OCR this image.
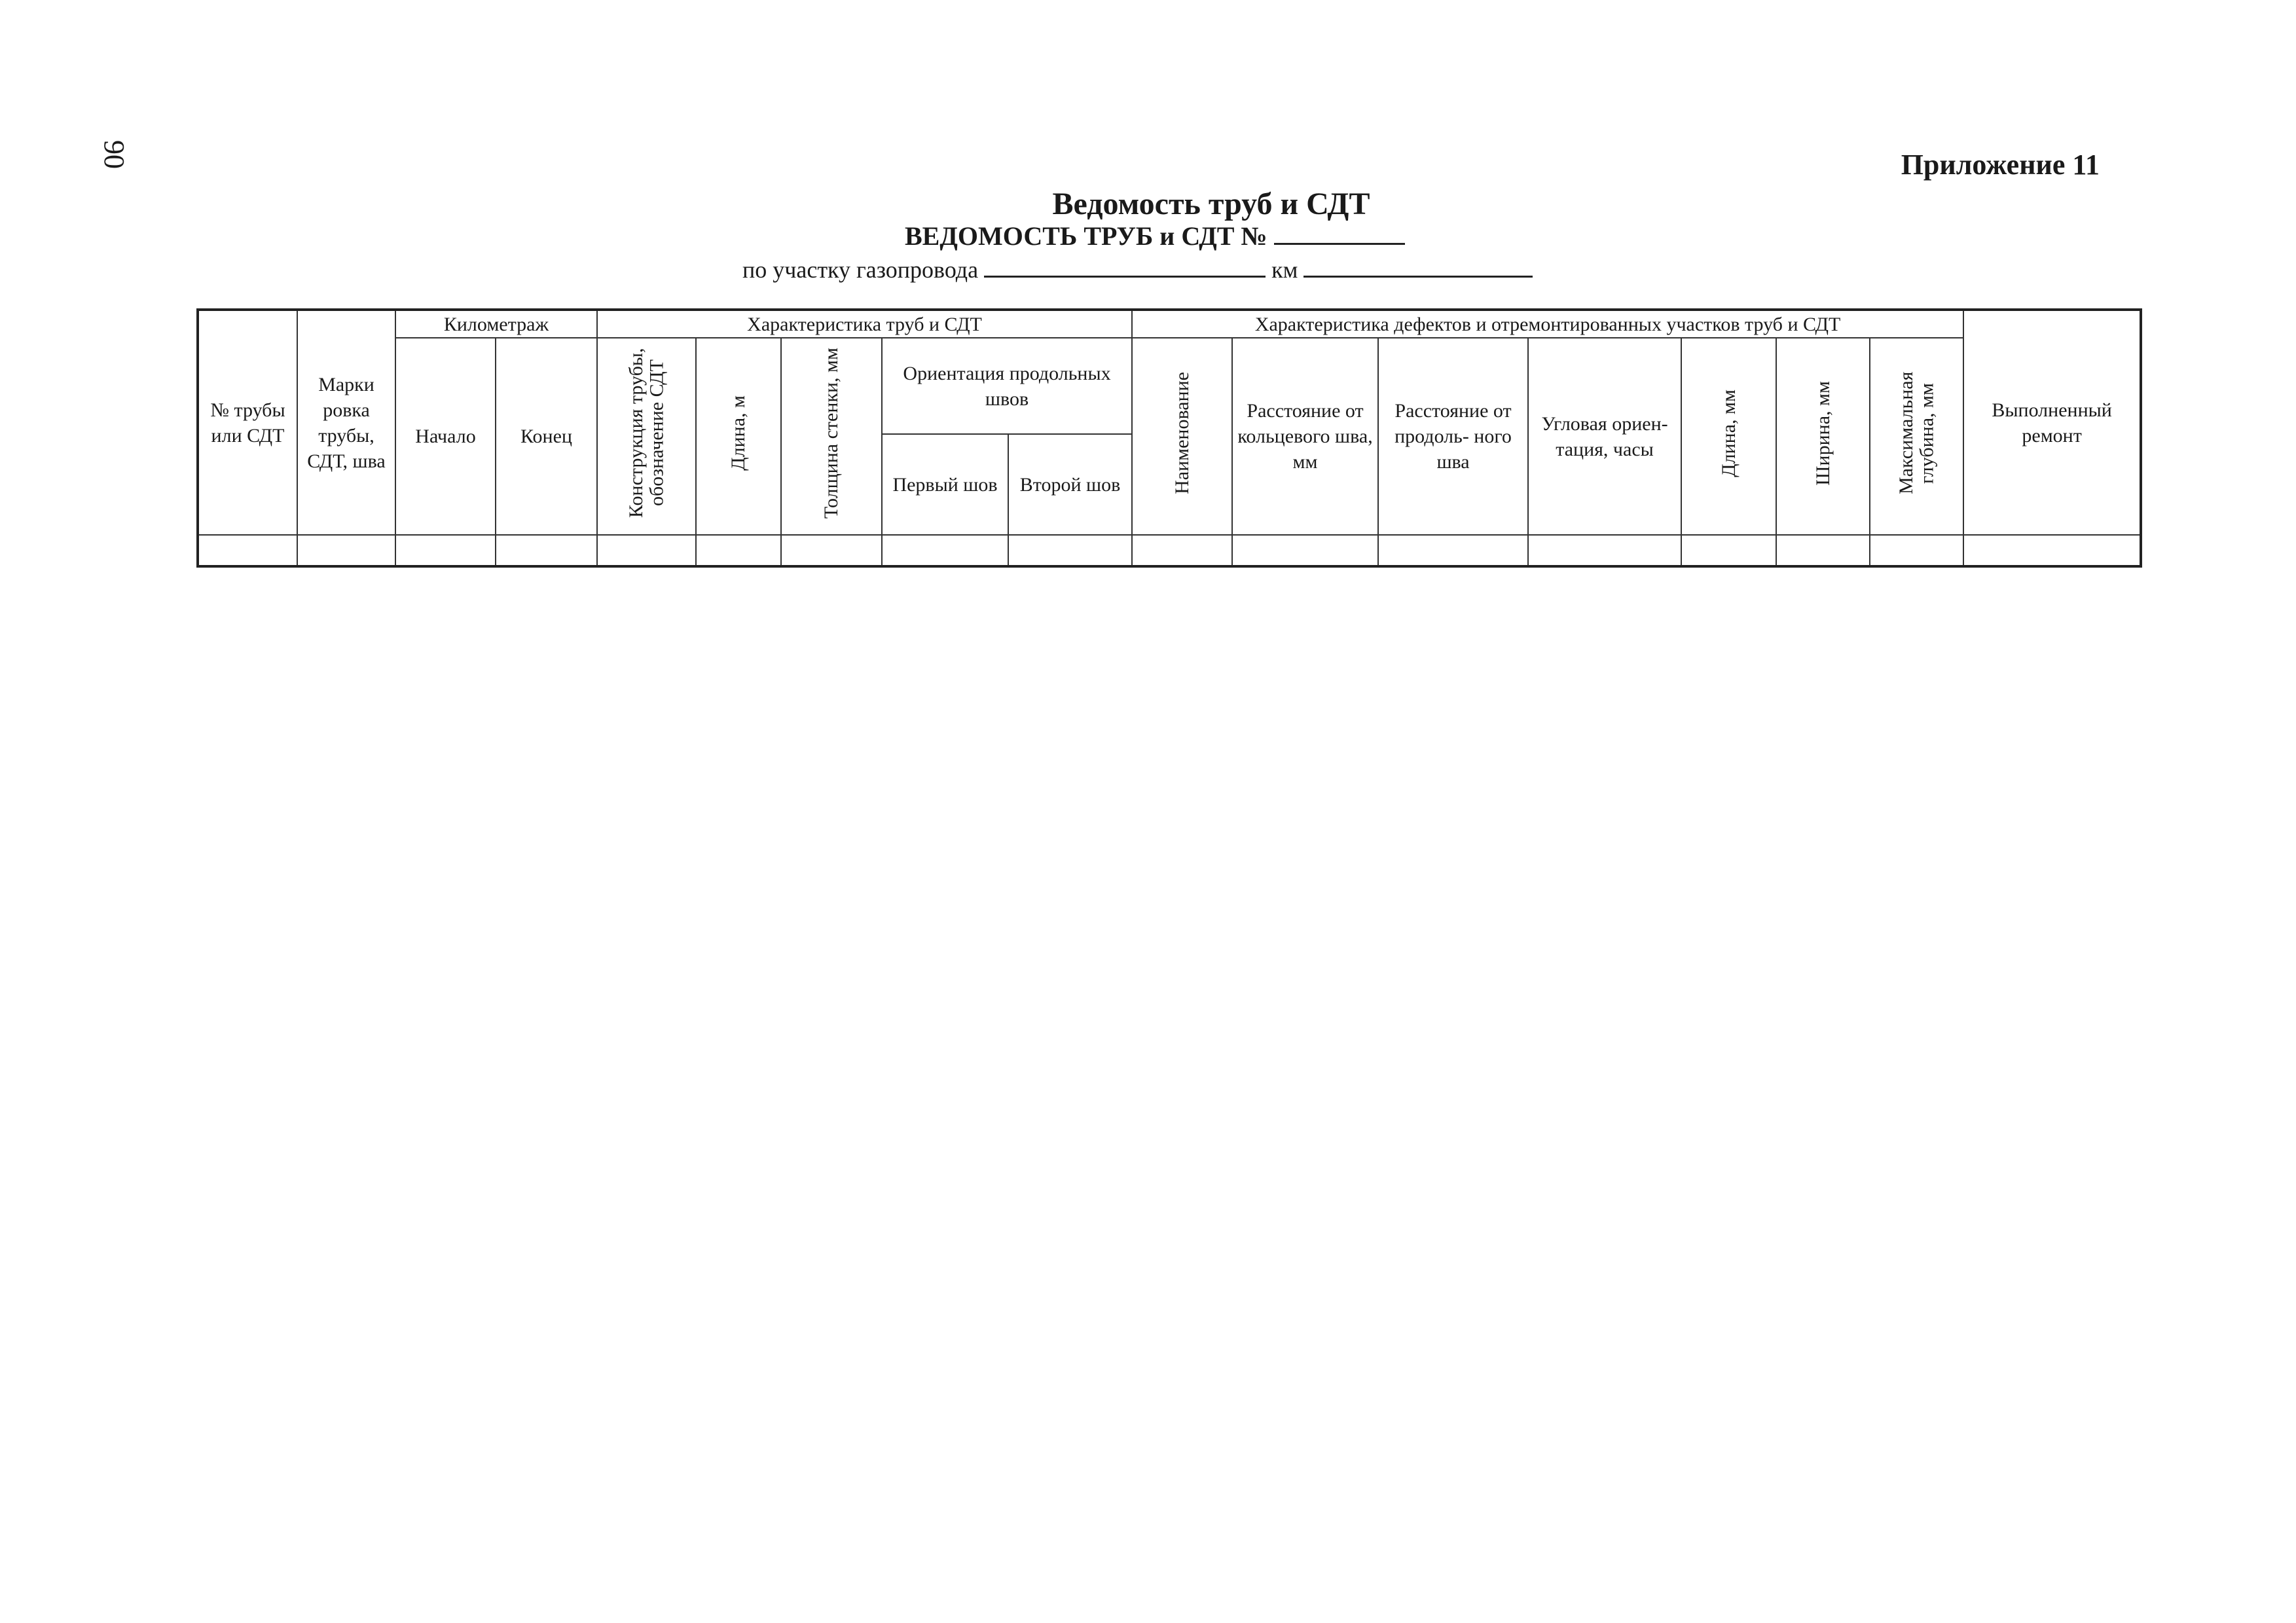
90	Приложение 11
Ведомость труб и СДТ
ВЕДОМОСТЬ ТРУБ и СДТ №
по участку газопровода	км
№ трубы или СДТ	Марки ровка трубы, СДТ, шва	Километраж		Характеристика труб и СДТ					Характеристика дефектов и отремонтированных участков труб и СДТ							Выполненный ремонт
		Начало	Конец	Конструкция трубы, обозначение СДТ	Длина, м	Толщина стенки, мм	Ориентация продольных швов		Наименование	Расстояние от кольцевого шва, мм	Расстояние от продоль- ного шва	Угловая ориен- тация, часы	Длина, мм	Ширина, мм	Максимальная глубина, мм	
							Первый шов	Второй шов								
